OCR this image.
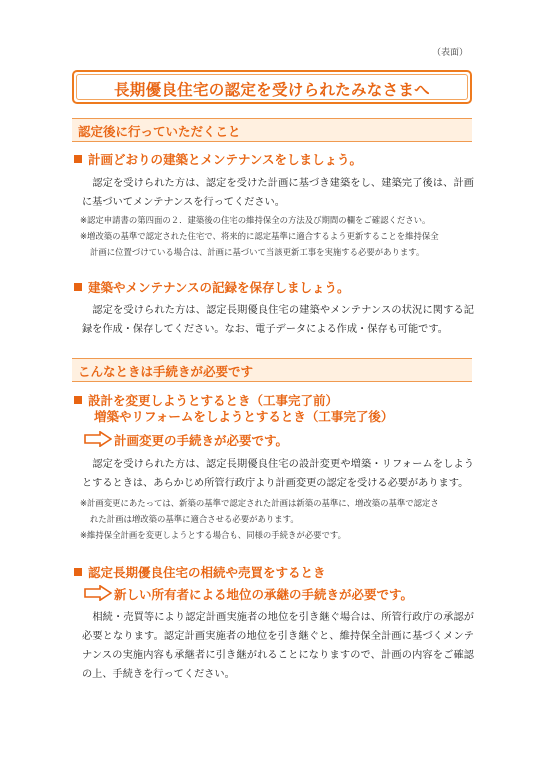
（表面）
長期優良住宅の認定を受けられたみなさまへ
認定後に行っていただくこと
計画どおりの建築とメンテナンスをしましょう。
　認定を受けられた方は、認定を受けた計画に基づき建築をし、建築完了後は、計画に基づいてメンテナンスを行ってください。
※認定申請書の第四面の２．建築後の住宅の維持保全の方法及び期間の欄をご確認ください。
※増改築の基準で認定された住宅で、将来的に認定基準に適合するよう更新することを維持保全
計画に位置づけている場合は、計画に基づいて当該更新工事を実施する必要があります。
建築やメンテナンスの記録を保存しましょう。
　認定を受けられた方は、認定長期優良住宅の建築やメンテナンスの状況に関する記録を作成・保存してください。なお、電子データによる作成・保存も可能です。
こんなときは手続きが必要です
設計を変更しようとするとき（工事完了前）
増築やリフォームをしようとするとき（工事完了後）
計画変更の手続きが必要です。
　認定を受けられた方は、認定長期優良住宅の設計変更や増築・リフォームをしようとするときは、あらかじめ所管行政庁より計画変更の認定を受ける必要があります。
※計画変更にあたっては、新築の基準で認定された計画は新築の基準に、増改築の基準で認定さ
れた計画は増改築の基準に適合させる必要があります。
※維持保全計画を変更しようとする場合も、同様の手続きが必要です。
認定長期優良住宅の相続や売買をするとき
新しい所有者による地位の承継の手続きが必要です。
　相続・売買等により認定計画実施者の地位を引き継ぐ場合は、所管行政庁の承認が必要となります。認定計画実施者の地位を引き継ぐと、維持保全計画に基づくメンテナンスの実施内容も承継者に引き継がれることになりますので、計画の内容をご確認の上、手続きを行ってください。
